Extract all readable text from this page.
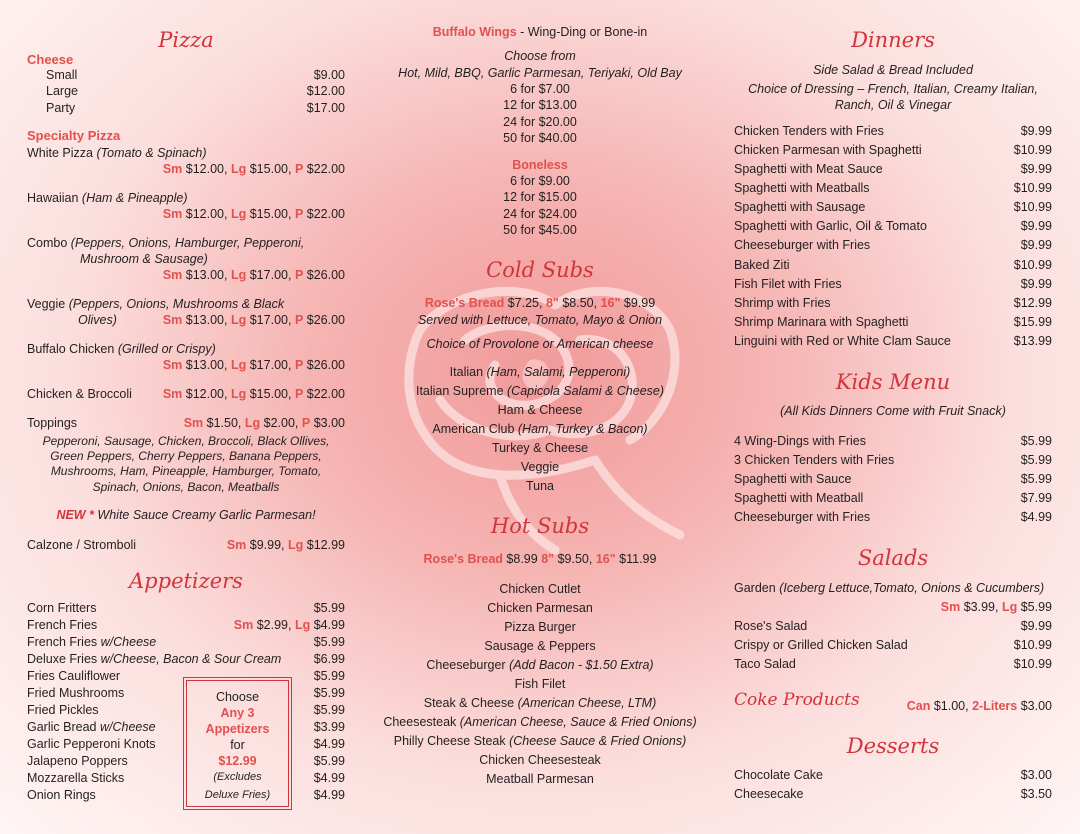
Pizza
Cheese
Small	$9.00
Large	$12.00
Party	$17.00
Specialty Pizza
White Pizza (Tomato & Spinach)
Sm $12.00, Lg $15.00, P $22.00
Hawaiian (Ham & Pineapple)
Sm $12.00, Lg $15.00, P $22.00
Combo (Peppers, Onions, Hamburger, Pepperoni,
Mushroom & Sausage)
Sm $13.00, Lg $17.00, P $26.00
Veggie (Peppers, Onions, Mushrooms & Black
Olives)	Sm $13.00, Lg $17.00, P $26.00
Buffalo Chicken (Grilled or Crispy)
Sm $13.00, Lg $17.00, P $26.00
Chicken & Broccoli Sm $12.00, Lg $15.00, P $22.00
Toppings	Sm $1.50, Lg $2.00, P $3.00
Pepperoni, Sausage, Chicken, Broccoli, Black Ollives,
Green Peppers, Cherry Peppers, Banana Peppers,
Mushrooms, Ham, Pineapple, Hamburger, Tomato,
Spinach, Onions, Bacon, Meatballs
NEW * White Sauce Creamy Garlic Parmesan!
Calzone / Stromboli	Sm $9.99, Lg $12.99
Appetizers
Corn Fritters	$5.99
French Fries	Sm $2.99, Lg $4.99
French Fries w/Cheese	$5.99
Deluxe Fries w/Cheese, Bacon & Sour Cream	$6.99
Fries Cauliflower	$5.99
Fried Mushrooms	$5.99
Fried Pickles	$5.99
Garlic Bread w/Cheese	$3.99
Garlic Pepperoni Knots	$4.99
Jalapeno Poppers	$5.99
Mozzarella Sticks	$4.99
Onion Rings	$4.99
Choose
Any 3
Appetizers
for
$12.99
(Excludes
Deluxe Fries)
Buffalo Wings - Wing-Ding or Bone-in
Choose from
Hot, Mild, BBQ, Garlic Parmesan, Teriyaki, Old Bay
6 for $7.00
12 for $13.00
24 for $20.00
50 for $40.00
Boneless
6 for $9.00
12 for $15.00
24 for $24.00
50 for $45.00
Cold Subs
Rose's Bread $7.25, 8" $8.50, 16" $9.99
Served with Lettuce, Tomato, Mayo & Onion
Choice of Provolone or American cheese
Italian (Ham, Salami, Pepperoni)
Italian Supreme (Capicola Salami & Cheese)
Ham & Cheese
American Club (Ham, Turkey & Bacon)
Turkey & Cheese
Veggie
Tuna
Hot Subs
Rose's Bread $8.99 8" $9.50, 16" $11.99
Chicken Cutlet
Chicken Parmesan
Pizza Burger
Sausage & Peppers
Cheeseburger (Add Bacon - $1.50 Extra)
Fish Filet
Steak & Cheese (American Cheese, LTM)
Cheesesteak (American Cheese, Sauce & Fried Onions)
Philly Cheese Steak (Cheese Sauce & Fried Onions)
Chicken Cheesesteak
Meatball Parmesan
Dinners
Side Salad & Bread Included
Choice of Dressing – French, Italian, Creamy Italian,
Ranch, Oil & Vinegar
Chicken Tenders with Fries	$9.99
Chicken Parmesan with Spaghetti	$10.99
Spaghetti with Meat Sauce	$9.99
Spaghetti with Meatballs	$10.99
Spaghetti with Sausage	$10.99
Spaghetti with Garlic, Oil & Tomato	$9.99
Cheeseburger with Fries	$9.99
Baked Ziti	$10.99
Fish Filet with Fries	$9.99
Shrimp with Fries	$12.99
Shrimp Marinara with Spaghetti	$15.99
Linguini with Red or White Clam Sauce	$13.99
Kids Menu
(All Kids Dinners Come with Fruit Snack)
4 Wing-Dings with Fries	$5.99
3 Chicken Tenders with Fries	$5.99
Spaghetti with Sauce	$5.99
Spaghetti with Meatball	$7.99
Cheeseburger with Fries	$4.99
Salads
Garden (Iceberg Lettuce,Tomato, Onions & Cucumbers)
Sm $3.99, Lg $5.99
Rose's Salad	$9.99
Crispy or Grilled Chicken Salad	$10.99
Taco Salad	$10.99
Coke Products	Can $1.00, 2-Liters $3.00
Desserts
Chocolate Cake	$3.00
Cheesecake	$3.50
